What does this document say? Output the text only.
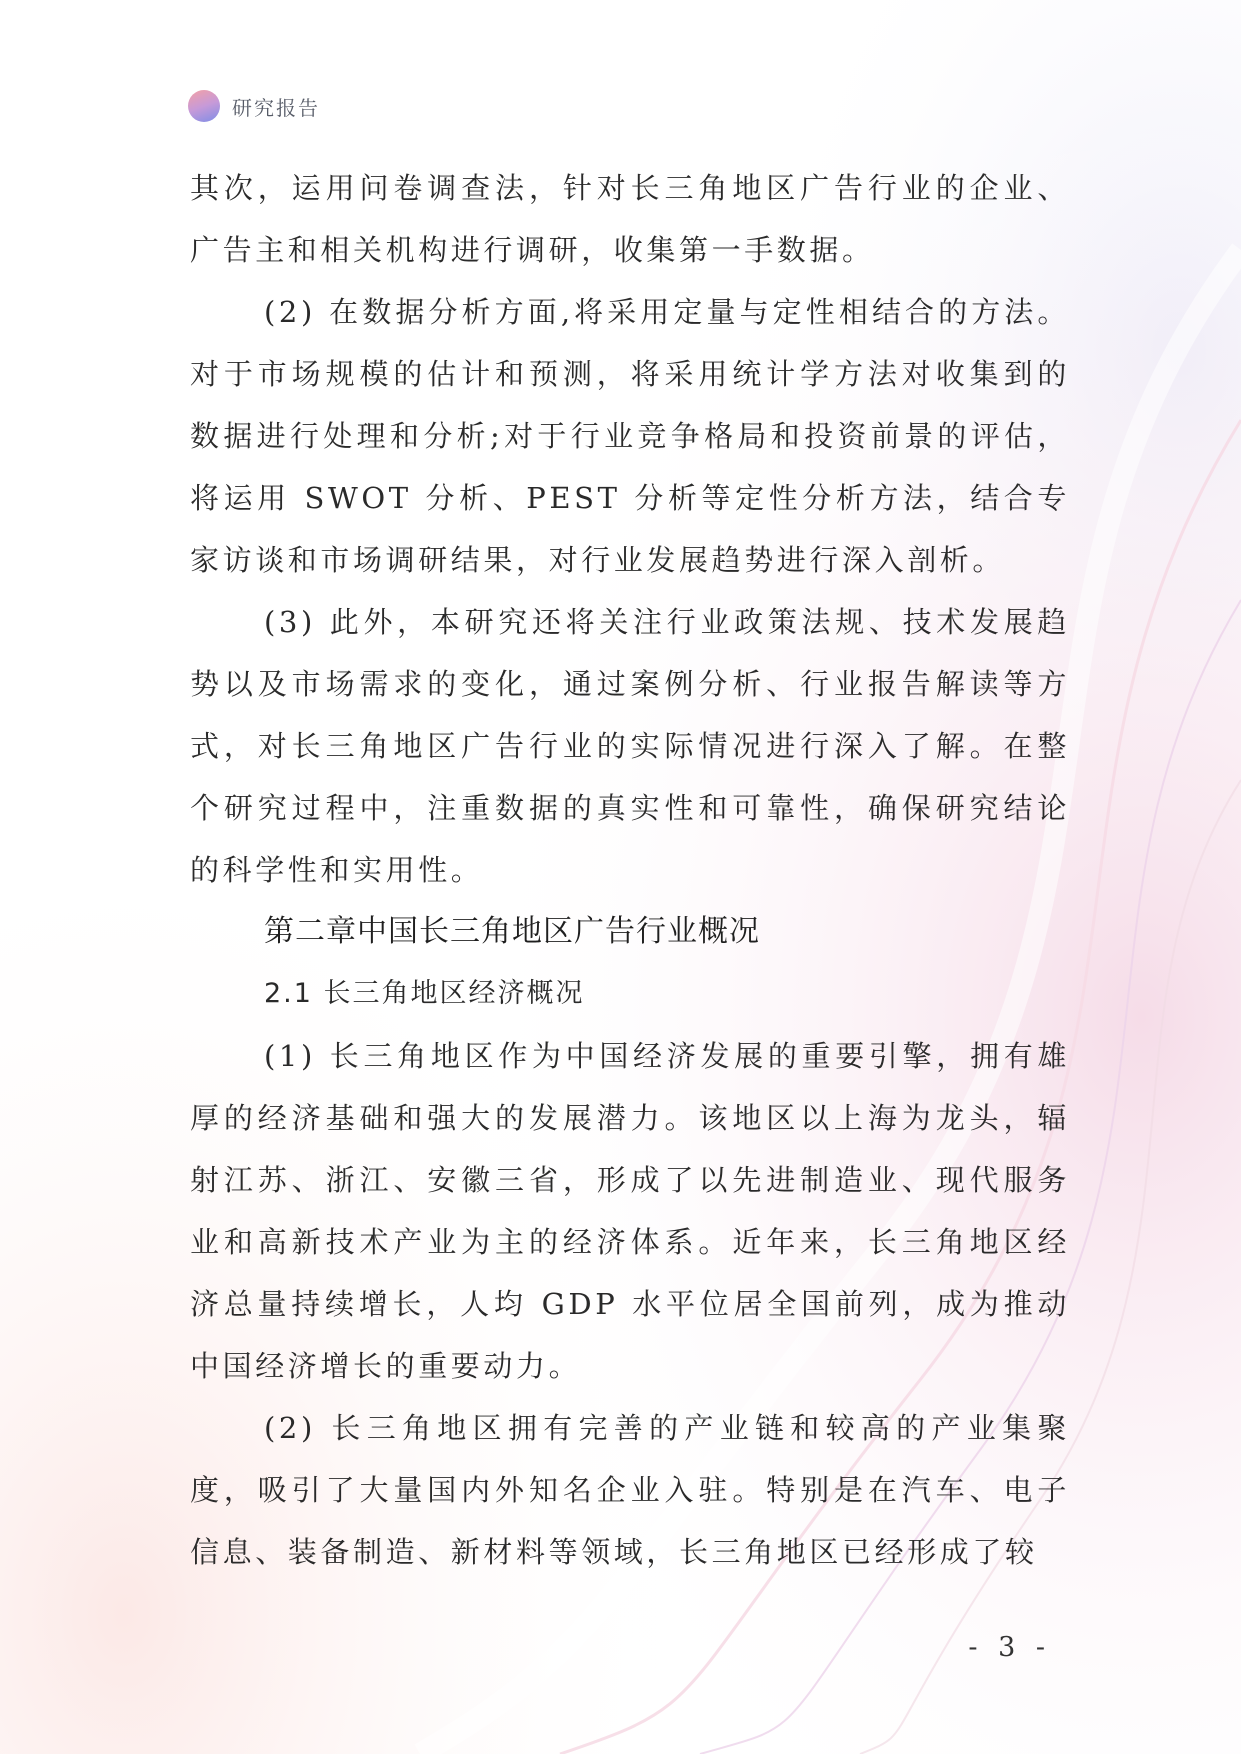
研究报告

其次，运用问卷调查法，针对长三角地区广告行业的企业、广告主和相关机构进行调研，收集第一手数据。

(2) 在数据分析方面,将采用定量与定性相结合的方法。对于市场规模的估计和预测，将采用统计学方法对收集到的数据进行处理和分析;对于行业竞争格局和投资前景的评估，将运用 SWOT 分析、PEST 分析等定性分析方法，结合专家访谈和市场调研结果，对行业发展趋势进行深入剖析。

(3) 此外，本研究还将关注行业政策法规、技术发展趋势以及市场需求的变化，通过案例分析、行业报告解读等方式，对长三角地区广告行业的实际情况进行深入了解。在整个研究过程中，注重数据的真实性和可靠性，确保研究结论的科学性和实用性。

第二章中国长三角地区广告行业概况
2.1 长三角地区经济概况

(1) 长三角地区作为中国经济发展的重要引擎，拥有雄厚的经济基础和强大的发展潜力。该地区以上海为龙头，辐射江苏、浙江、安徽三省，形成了以先进制造业、现代服务业和高新技术产业为主的经济体系。近年来，长三角地区经济总量持续增长，人均 GDP 水平位居全国前列，成为推动中国经济增长的重要动力。

(2) 长三角地区拥有完善的产业链和较高的产业集聚度，吸引了大量国内外知名企业入驻。特别是在汽车、电子信息、装备制造、新材料等领域，长三角地区已经形成了较

- 3 -
